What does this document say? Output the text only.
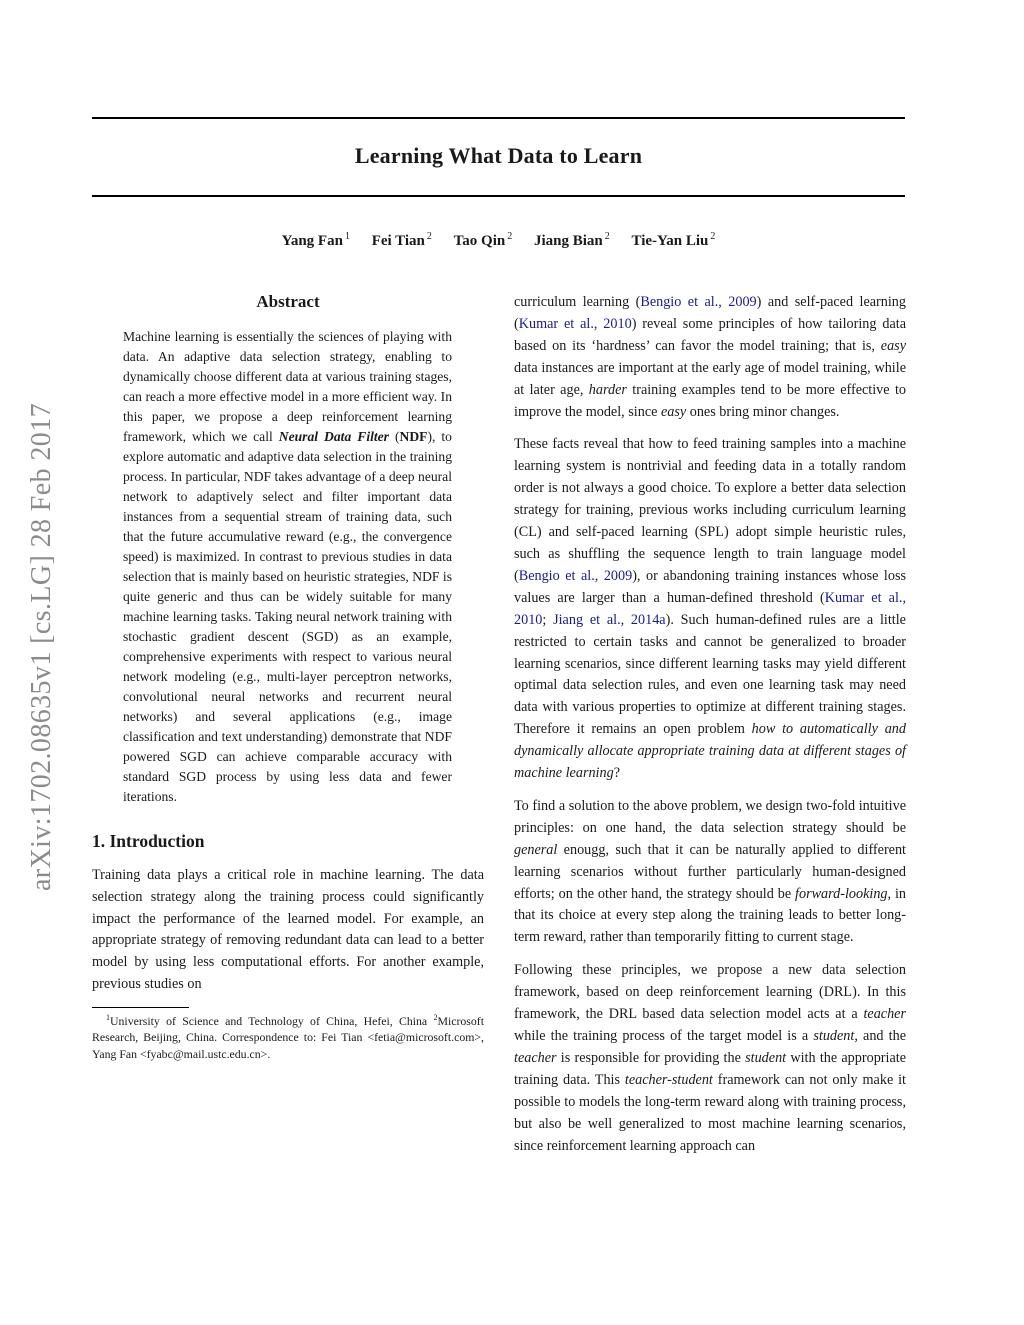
arXiv:1702.08635v1 [cs.LG] 28 Feb 2017
Learning What Data to Learn
Yang Fan $^1$ Fei Tian $^2$ Tao Qin $^2$ Jiang Bian $^2$ Tie-Yan Liu $^2$
Abstract
Machine learning is essentially the sciences of playing with data. An adaptive data selection strategy, enabling to dynamically choose different data at various training stages, can reach a more effective model in a more efficient way. In this paper, we propose a deep reinforcement learning framework, which we call Neural Data Filter (NDF), to explore automatic and adaptive data selection in the training process. In particular, NDF takes advantage of a deep neural network to adaptively select and filter important data instances from a sequential stream of training data, such that the future accumulative reward (e.g., the convergence speed) is maximized. In contrast to previous studies in data selection that is mainly based on heuristic strategies, NDF is quite generic and thus can be widely suitable for many machine learning tasks. Taking neural network training with stochastic gradient descent (SGD) as an example, comprehensive experiments with respect to various neural network modeling (e.g., multi-layer perceptron networks, convolutional neural networks and recurrent neural networks) and several applications (e.g., image classification and text understanding) demonstrate that NDF powered SGD can achieve comparable accuracy with standard SGD process by using less data and fewer iterations.
1. Introduction
Training data plays a critical role in machine learning. The data selection strategy along the training process could significantly impact the performance of the learned model. For example, an appropriate strategy of removing redundant data can lead to a better model by using less computational efforts. For another example, previous studies on
$^1$University of Science and Technology of China, Hefei, China $^2$Microsoft Research, Beijing, China. Correspondence to: Fei Tian <fetia@microsoft.com>, Yang Fan <fyabc@mail.ustc.edu.cn>.

curriculum learning (Bengio et al., 2009) and self-paced learning (Kumar et al., 2010) reveal some principles of how tailoring data based on its ‘hardness’ can favor the model training; that is, easy data instances are important at the early age of model training, while at later age, harder training examples tend to be more effective to improve the model, since easy ones bring minor changes.

These facts reveal that how to feed training samples into a machine learning system is nontrivial and feeding data in a totally random order is not always a good choice. To explore a better data selection strategy for training, previous works including curriculum learning (CL) and self-paced learning (SPL) adopt simple heuristic rules, such as shuffling the sequence length to train language model (Bengio et al., 2009), or abandoning training instances whose loss values are larger than a human-defined threshold (Kumar et al., 2010; Jiang et al., 2014a). Such human-defined rules are a little restricted to certain tasks and cannot be generalized to broader learning scenarios, since different learning tasks may yield different optimal data selection rules, and even one learning task may need data with various properties to optimize at different training stages. Therefore it remains an open problem how to automatically and dynamically allocate appropriate training data at different stages of machine learning?

To find a solution to the above problem, we design two-fold intuitive principles: on one hand, the data selection strategy should be general enougg, such that it can be naturally applied to different learning scenarios without further particularly human-designed efforts; on the other hand, the strategy should be forward-looking, in that its choice at every step along the training leads to better long-term reward, rather than temporarily fitting to current stage.

Following these principles, we propose a new data selection framework, based on deep reinforcement learning (DRL). In this framework, the DRL based data selection model acts at a teacher while the training process of the target model is a student, and the teacher is responsible for providing the student with the appropriate training data. This teacher-student framework can not only make it possible to models the long-term reward along with training process, but also be well generalized to most machine learning scenarios, since reinforcement learning approach can
